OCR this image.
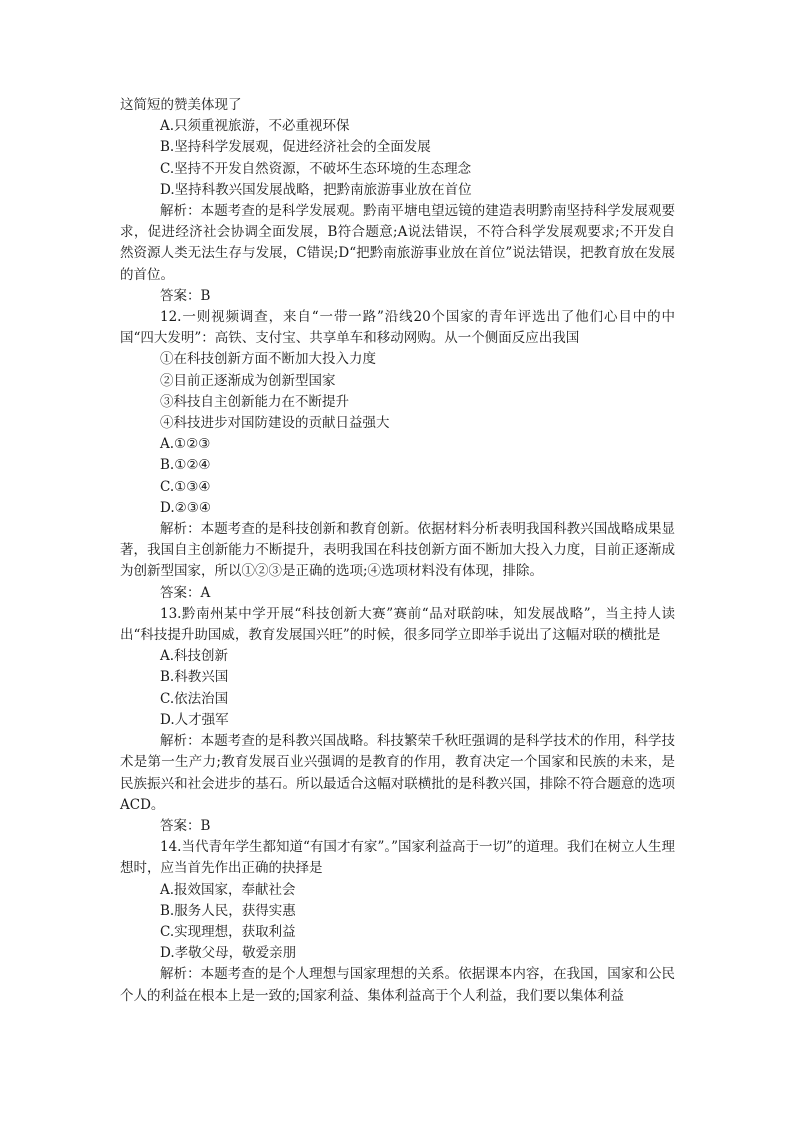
这简短的赞美体现了

A.只须重视旅游，不必重视环保

B.坚持科学发展观，促进经济社会的全面发展

C.坚持不开发自然资源，不破坏生态环境的生态理念

D.坚持科教兴国发展战略，把黔南旅游事业放在首位

解析：本题考查的是科学发展观。黔南平塘电望远镜的建造表明黔南坚持科学发展观要求，促进经济社会协调全面发展，B符合题意;A说法错误，不符合科学发展观要求;不开发自然资源人类无法生存与发展，C错误;D“把黔南旅游事业放在首位”说法错误，把教育放在发展的首位。

答案：B

12.一则视频调查，来自“一带一路”沿线20个国家的青年评选出了他们心目中的中国“四大发明”：高铁、支付宝、共享单车和移动网购。从一个侧面反应出我国

①在科技创新方面不断加大投入力度

②目前正逐渐成为创新型国家

③科技自主创新能力在不断提升

④科技进步对国防建设的贡献日益强大

A.①②③

B.①②④

C.①③④

D.②③④

解析：本题考查的是科技创新和教育创新。依据材料分析表明我国科教兴国战略成果显著，我国自主创新能力不断提升，表明我国在科技创新方面不断加大投入力度，目前正逐渐成为创新型国家，所以①②③是正确的选项;④选项材料没有体现，排除。

答案：A

13.黔南州某中学开展“科技创新大赛”赛前“品对联韵味，知发展战略”，当主持人读出“科技提升助国威，教育发展国兴旺”的时候，很多同学立即举手说出了这幅对联的横批是

A.科技创新

B.科教兴国

C.依法治国

D.人才强军

解析：本题考查的是科教兴国战略。科技繁荣千秋旺强调的是科学技术的作用，科学技术是第一生产力;教育发展百业兴强调的是教育的作用，教育决定一个国家和民族的未来，是民族振兴和社会进步的基石。所以最适合这幅对联横批的是科教兴国，排除不符合题意的选项ACD。

答案：B

14.当代青年学生都知道“有国才有家”。”国家利益高于一切”的道理。我们在树立人生理想时，应当首先作出正确的抉择是

A.报效国家，奉献社会

B.服务人民，获得实惠

C.实现理想，获取利益

D.孝敬父母，敬爱亲朋

解析：本题考查的是个人理想与国家理想的关系。依据课本内容，在我国，国家和公民个人的利益在根本上是一致的;国家利益、集体利益高于个人利益，我们要以集体利益
